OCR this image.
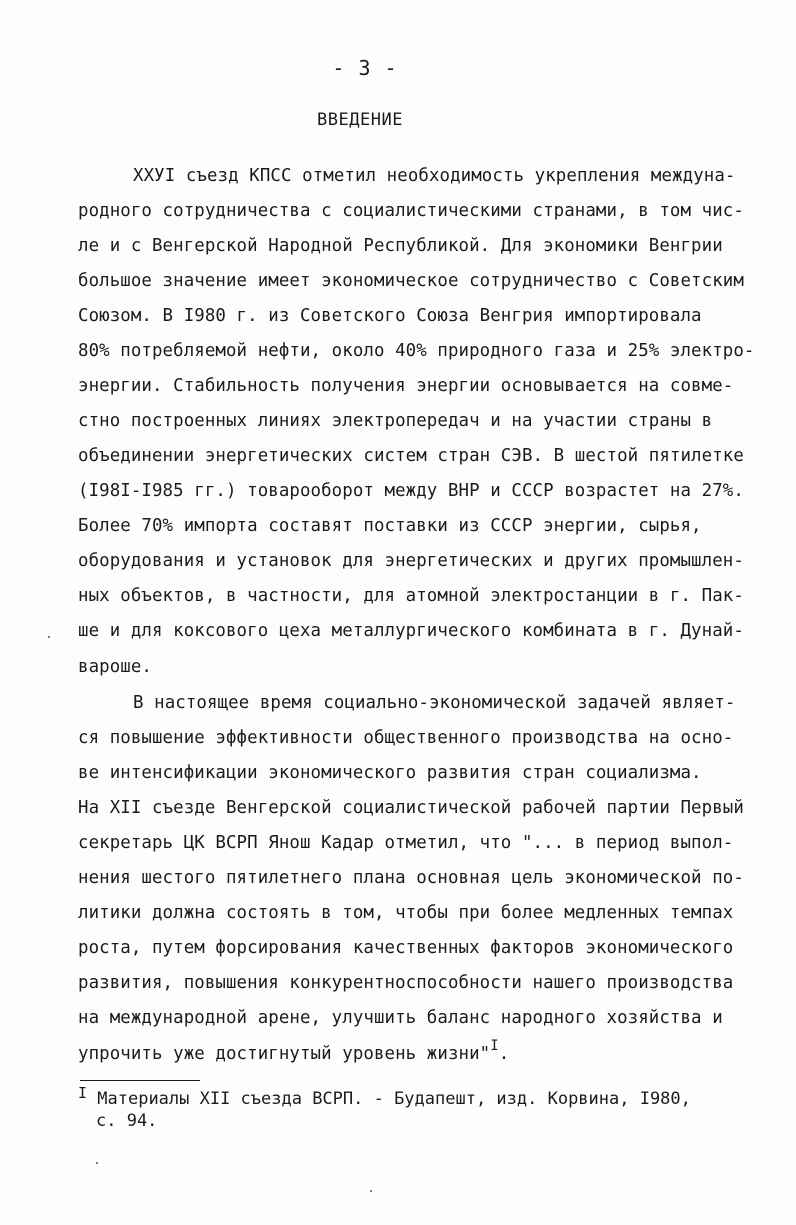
- 3 -
ВВЕДЕНИЕ
ХХУI съезд КПСС отметил необходимость укрепления междуна-
родного сотрудничества с социалистическими странами, в том чис-
ле и с Венгерской Народной Республикой. Для экономики Венгрии
большое значение имеет экономическое сотрудничество с Советским
Союзом. В I980 г. из Советского Союза Венгрия импортировала
80% потребляемой нефти, около 40% природного газа и 25% электро-
энергии. Стабильность получения энергии основывается на совме-
стно построенных линиях электропередач и на участии страны в
объединении энергетических систем стран СЭВ. В шестой пятилетке
(I98I-I985 гг.) товарооборот между ВНР и СССР возрастет на 27%.
Более 70% импорта составят поставки из СССР энергии, сырья,
оборудования и установок для энергетических и других промышлен-
ных объектов, в частности, для атомной электростанции в г. Пак-
ше и для коксового цеха металлургического комбината в г. Дунай-
вароше.
В настоящее время социально-экономической задачей являет-
ся повышение эффективности общественного производства на осно-
ве интенсификации экономического развития стран социализма.
На ХII съезде Венгерской социалистической рабочей партии Первый
секретарь ЦК ВСРП Янош Кадар отметил, что "... в период выпол-
нения шестого пятилетнего плана основная цель экономической по-
литики должна состоять в том, чтобы при более медленных темпах
роста, путем форсирования качественных факторов экономического
развития, повышения конкурентноспособности нашего производства
на международной арене, улучшить баланс народного хозяйства и
упрочить уже достигнутый уровень жизни"$^I$.
I Материалы ХII съезда ВСРП. - Будапешт, изд. Корвина, I980,
с. 94.
